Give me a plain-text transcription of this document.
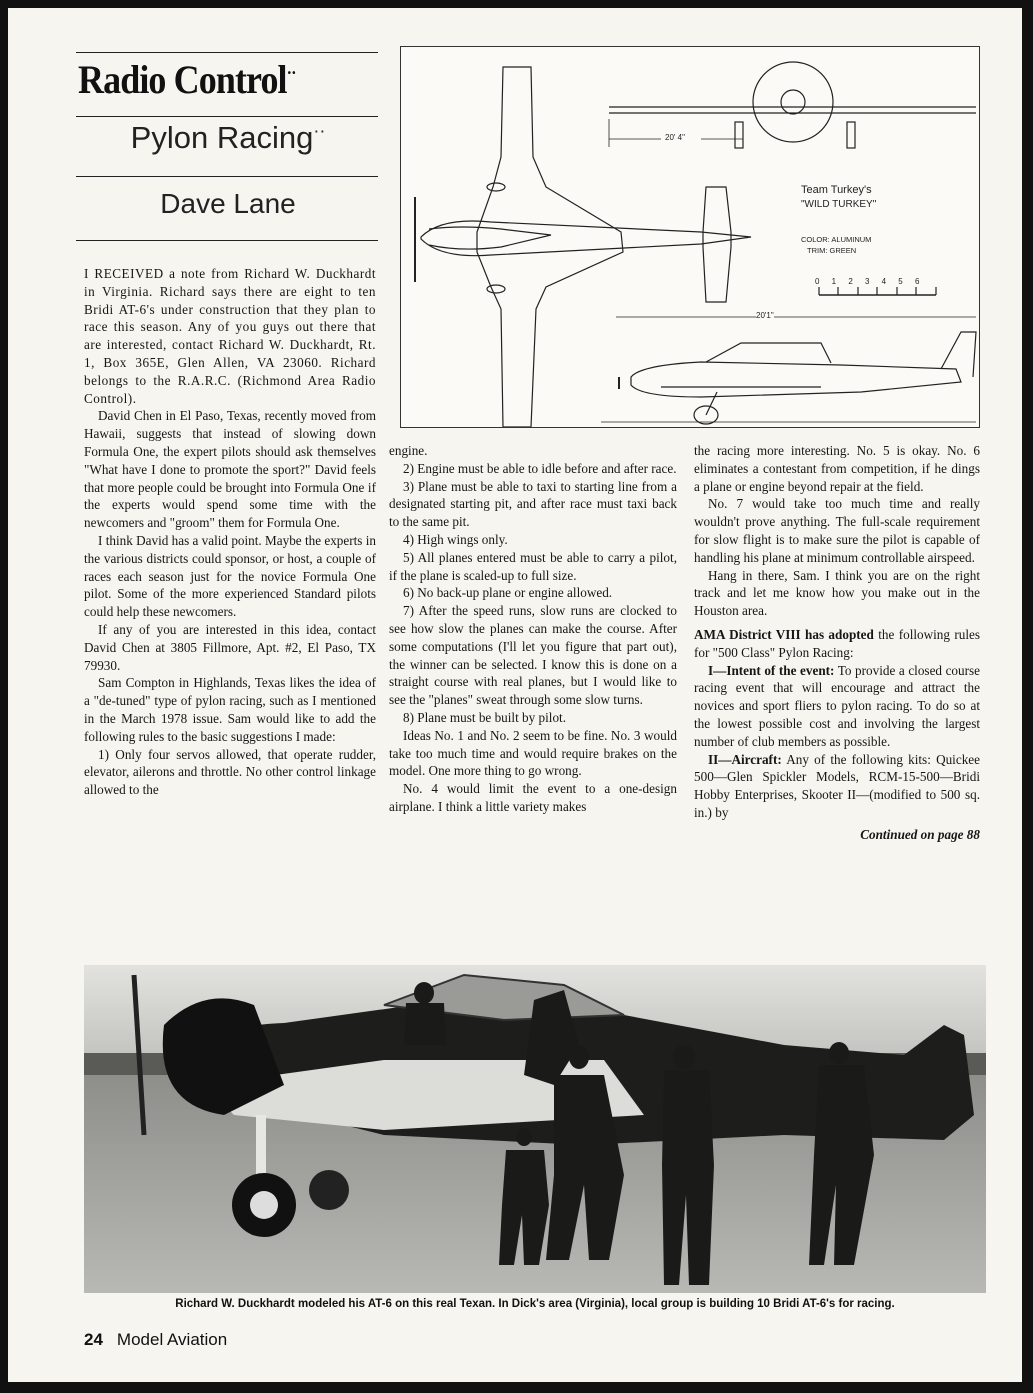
Radio Control··
Pylon Racing··
Dave Lane	Team Turkey's
"WILD TURKEY"
COLOR: ALUMINUM
TRIM: GREEN
0123456
20' 4"
20'1"

I RECEIVED a note from Richard W. Duckhardt in Virginia. Richard says there are eight to ten Bridi AT-6's under construction that they plan to race this season. Any of you guys out there that are interested, contact Richard W. Duckhardt, Rt. 1, Box 365E, Glen Allen, VA 23060. Richard belongs to the R.A.R.C. (Richmond Area Radio Control).

David Chen in El Paso, Texas, recently moved from Hawaii, suggests that instead of slowing down Formula One, the expert pilots should ask themselves "What have I done to promote the sport?" David feels that more people could be brought into Formula One if the experts would spend some time with the newcomers and "groom" them for Formula One.

I think David has a valid point. Maybe the experts in the various districts could sponsor, or host, a couple of races each season just for the novice Formula One pilot. Some of the more experienced Standard pilots could help these newcomers.

If any of you are interested in this idea, contact David Chen at 3805 Fillmore, Apt. #2, El Paso, TX 79930.

Sam Compton in Highlands, Texas likes the idea of a "de-tuned" type of pylon racing, such as I mentioned in the March 1978 issue. Sam would like to add the following rules to the basic suggestions I made:

1) Only four servos allowed, that operate rudder, elevator, ailerons and throttle. No other control linkage allowed to the

engine.

2) Engine must be able to idle before and after race.

3) Plane must be able to taxi to starting line from a designated starting pit, and after race must taxi back to the same pit.

4) High wings only.

5) All planes entered must be able to carry a pilot, if the plane is scaled-up to full size.

6) No back-up plane or engine allowed.

7) After the speed runs, slow runs are clocked to see how slow the planes can make the course. After some computations (I'll let you figure that part out), the winner can be selected. I know this is done on a straight course with real planes, but I would like to see the "planes" sweat through some slow turns.

8) Plane must be built by pilot.

Ideas No. 1 and No. 2 seem to be fine. No. 3 would take too much time and would require brakes on the model. One more thing to go wrong.

No. 4 would limit the event to a one-design airplane. I think a little variety makes

the racing more interesting. No. 5 is okay. No. 6 eliminates a contestant from competition, if he dings a plane or engine beyond repair at the field.

No. 7 would take too much time and really wouldn't prove anything. The full-scale requirement for slow flight is to make sure the pilot is capable of handling his plane at minimum controllable airspeed.

Hang in there, Sam. I think you are on the right track and let me know how you make out in the Houston area.

AMA District VIII has adopted the following rules for "500 Class" Pylon Racing:

I—Intent of the event: To provide a closed course racing event that will encourage and attract the novices and sport fliers to pylon racing. To do so at the lowest possible cost and involving the largest number of club members as possible.

II—Aircraft: Any of the following kits: Quickee 500—Glen Spickler Models, RCM-15-500—Bridi Hobby Enterprises, Skooter II—(modified to 500 sq. in.) by

Continued on page 88

Richard W. Duckhardt modeled his AT-6 on this real Texan. In Dick's area (Virginia), local group is building 10 Bridi AT-6's for racing.
24 Model Aviation
